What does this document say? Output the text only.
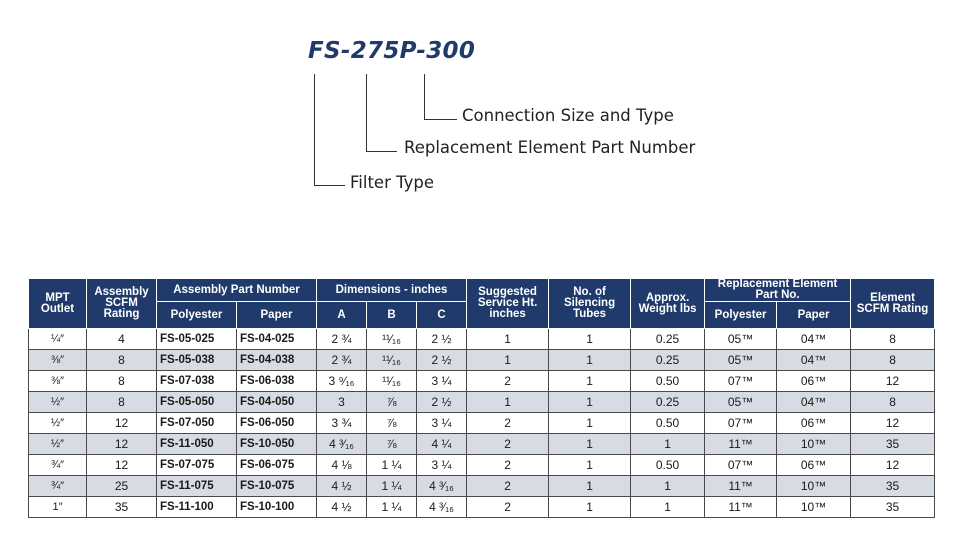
FS-275P-300
Connection Size and Type
Replacement Element Part Number
Filter Type
MPT Outlet	Assembly SCFM Rating	Assembly Part Number		Dimensions - inches			Suggested Service Ht. inches	No. of Silencing Tubes	Approx. Weight lbs	Replacement Element Part No.		Element SCFM Rating
		Polyester	Paper	A	B	C				Polyester	Paper	
¼″	4	FS-05-025	FS-04-025	2 ¾	¹¹⁄₁₆	2 ½	1	1	0.25	05™	04™	8
⅜″	8	FS-05-038	FS-04-038	2 ¾	¹¹⁄₁₆	2 ½	1	1	0.25	05™	04™	8
⅜″	8	FS-07-038	FS-06-038	3 ⁹⁄₁₆	¹¹⁄₁₆	3 ¼	2	1	0.50	07™	06™	12
½″	8	FS-05-050	FS-04-050	3	⅞	2 ½	1	1	0.25	05™	04™	8
½″	12	FS-07-050	FS-06-050	3 ¾	⅞	3 ¼	2	1	0.50	07™	06™	12
½″	12	FS-11-050	FS-10-050	4 ³⁄₁₆	⅞	4 ¼	2	1	1	11™	10™	35
¾″	12	FS-07-075	FS-06-075	4 ⅛	1 ¼	3 ¼	2	1	0.50	07™	06™	12
¾″	25	FS-11-075	FS-10-075	4 ½	1 ¼	4 ³⁄₁₆	2	1	1	11™	10™	35
1″	35	FS-11-100	FS-10-100	4 ½	1 ¼	4 ³⁄₁₆	2	1	1	11™	10™	35
